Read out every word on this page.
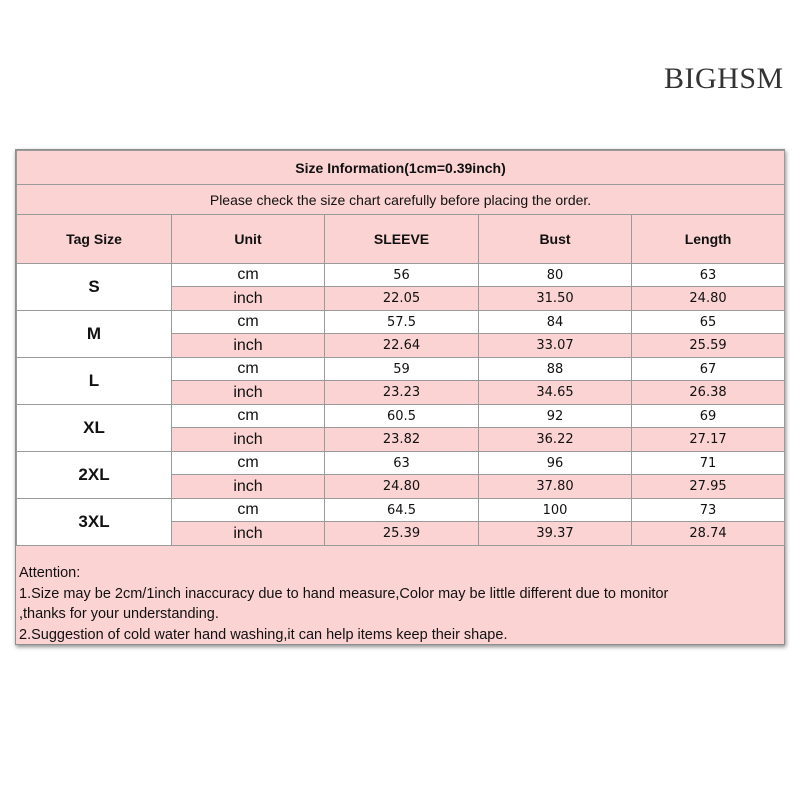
BIGHSM
Size Information(1cm=0.39inch)				
Please check the size chart carefully before placing the order.				
Tag Size	Unit	SLEEVE	Bust	Length
S	cm	56	80	63
	inch	22.05	31.50	24.80
M	cm	57.5	84	65
	inch	22.64	33.07	25.59
L	cm	59	88	67
	inch	23.23	34.65	26.38
XL	cm	60.5	92	69
	inch	23.82	36.22	27.17
2XL	cm	63	96	71
	inch	24.80	37.80	27.95
3XL	cm	64.5	100	73
	inch	25.39	39.37	28.74
Attention:
1.Size may be 2cm/1inch inaccuracy due to hand measure,Color may be little different due to monitor
,thanks for your understanding.
2.Suggestion of cold water hand washing,it can help items keep their shape.
